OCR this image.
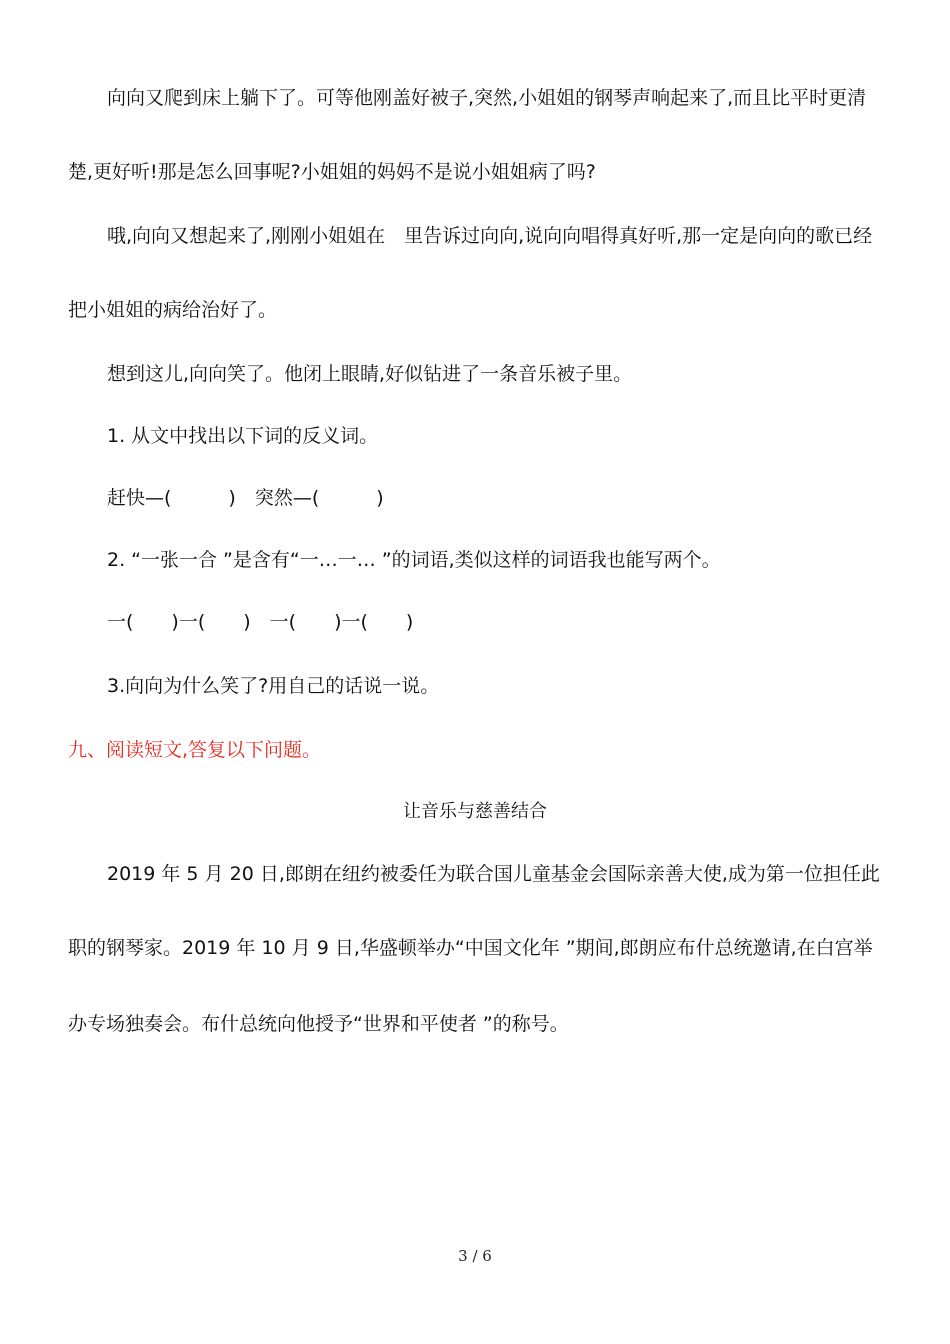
向向又爬到床上躺下了。可等他刚盖好被子,突然,小姐姐的钢琴声响起来了,而且比平时更清
楚,更好听!那是怎么回事呢?小姐姐的妈妈不是说小姐姐病了吗?
哦,向向又想起来了,刚刚小姐姐在　里告诉过向向,说向向唱得真好听,那一定是向向的歌已经
把小姐姐的病给治好了。
想到这儿,向向笑了。他闭上眼睛,好似钻进了一条音乐被子里。
1. 从文中找出以下词的反义词。
赶快—(　　　)　突然—(　　　)
2. “一张一合 ”是含有“一…一… ”的词语,类似这样的词语我也能写两个。
一(　　)一(　　)　一(　　)一(　　)
3.向向为什么笑了?用自己的话说一说。
九、阅读短文,答复以下问题。
让音乐与慈善结合
2019 年 5 月 20 日,郎朗在纽约被委任为联合国儿童基金会国际亲善大使,成为第一位担任此
职的钢琴家。2019 年 10 月 9 日,华盛顿举办“中国文化年 ”期间,郎朗应布什总统邀请,在白宫举
办专场独奏会。布什总统向他授予“世界和平使者 ”的称号。
3 / 6
